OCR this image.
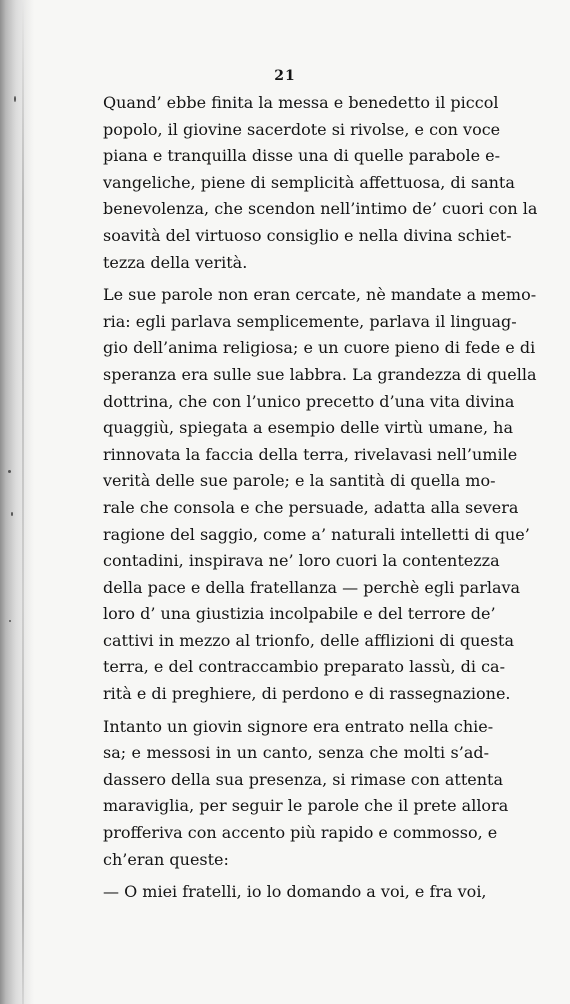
21
Quand’ ebbe finita la messa e benedetto il piccol
popolo, il giovine sacerdote si rivolse, e con voce
piana e tranquilla disse una di quelle parabole e-
vangeliche, piene di semplicità affettuosa, di santa
benevolenza, che scendon nell’intimo de’ cuori con la
soavità del virtuoso consiglio e nella divina schiet-
tezza della verità.
Le sue parole non eran cercate, nè mandate a memo-
ria: egli parlava semplicemente, parlava il linguag-
gio dell’anima religiosa; e un cuore pieno di fede e di
speranza era sulle sue labbra. La grandezza di quella
dottrina, che con l’unico precetto d’una vita divina
quaggiù, spiegata a esempio delle virtù umane, ha
rinnovata la faccia della terra, rivelavasi nell’umile
verità delle sue parole; e la santità di quella mo-
rale che consola e che persuade, adatta alla severa
ragione del saggio, come a’ naturali intelletti di que’
contadini, inspirava ne’ loro cuori la contentezza
della pace e della fratellanza — perchè egli parlava
loro d’ una giustizia incolpabile e del terrore de’
cattivi in mezzo al trionfo, delle afflizioni di questa
terra, e del contraccambio preparato lassù, di ca-
rità e di preghiere, di perdono e di rassegnazione.
Intanto un giovin signore era entrato nella chie-
sa; e messosi in un canto, senza che molti s’ad-
dassero della sua presenza, si rimase con attenta
maraviglia, per seguir le parole che il prete allora
profferiva con accento più rapido e commosso, e
ch’eran queste:
— O miei fratelli, io lo domando a voi, e fra voi,
